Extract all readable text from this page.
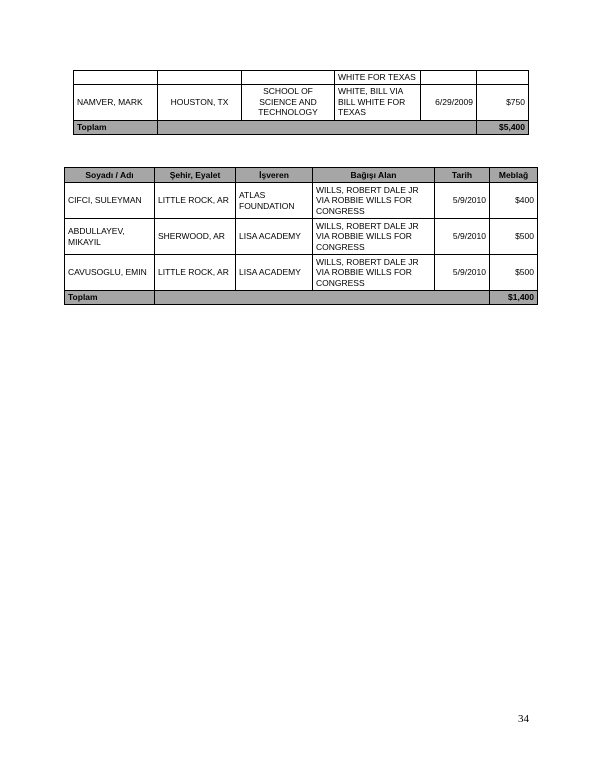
			WHITE FOR TEXAS		
NAMVER, MARK	HOUSTON, TX	SCHOOL OF SCIENCE AND TECHNOLOGY	WHITE, BILL VIA BILL WHITE FOR TEXAS	6/29/2009	$750
Toplam					$5,400
Soyadı / Adı	Şehir, Eyalet	İşveren	Bağışı Alan	Tarih	Meblağ
CIFCI, SULEYMAN	LITTLE ROCK, AR	ATLAS FOUNDATION	WILLS, ROBERT DALE JR VIA ROBBIE WILLS FOR CONGRESS	5/9/2010	$400
ABDULLAYEV, MIKAYIL	SHERWOOD, AR	LISA ACADEMY	WILLS, ROBERT DALE JR VIA ROBBIE WILLS FOR CONGRESS	5/9/2010	$500
CAVUSOGLU, EMIN	LITTLE ROCK, AR	LISA ACADEMY	WILLS, ROBERT DALE JR VIA ROBBIE WILLS FOR CONGRESS	5/9/2010	$500
Toplam					$1,400
34
